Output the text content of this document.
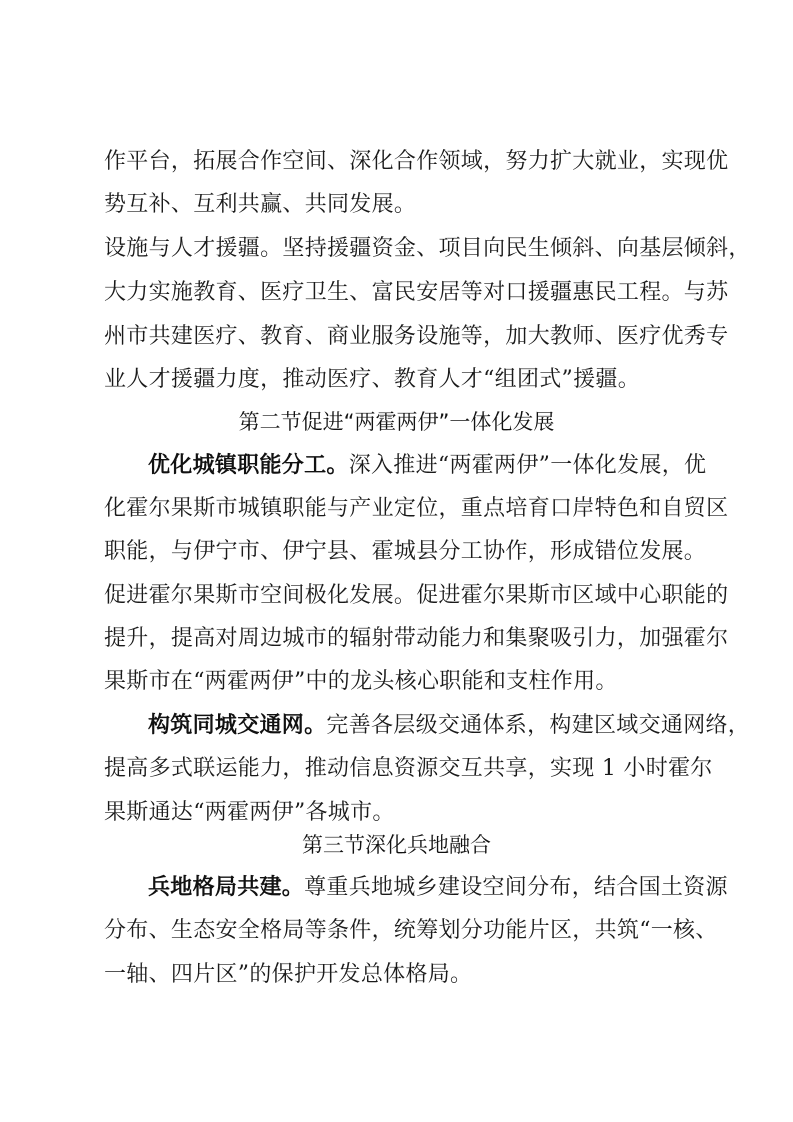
作平台，拓展合作空间、深化合作领域，努力扩大就业，实现优
势互补、互利共赢、共同发展。
设施与人才援疆。坚持援疆资金、项目向民生倾斜、向基层倾斜，
大力实施教育、医疗卫生、富民安居等对口援疆惠民工程。与苏
州市共建医疗、教育、商业服务设施等，加大教师、医疗优秀专
业人才援疆力度，推动医疗、教育人才“组团式”援疆。
第二节促进“两霍两伊”一体化发展
优化城镇职能分工。深入推进“两霍两伊”一体化发展，优
化霍尔果斯市城镇职能与产业定位，重点培育口岸特色和自贸区
职能，与伊宁市、伊宁县、霍城县分工协作，形成错位发展。
促进霍尔果斯市空间极化发展。促进霍尔果斯市区域中心职能的
提升，提高对周边城市的辐射带动能力和集聚吸引力，加强霍尔
果斯市在“两霍两伊”中的龙头核心职能和支柱作用。
构筑同城交通网。完善各层级交通体系，构建区域交通网络，
提高多式联运能力，推动信息资源交互共享，实现 1 小时霍尔
果斯通达“两霍两伊”各城市。
第三节深化兵地融合
兵地格局共建。尊重兵地城乡建设空间分布，结合国土资源
分布、生态安全格局等条件，统筹划分功能片区，共筑“一核、
一轴、四片区”的保护开发总体格局。
